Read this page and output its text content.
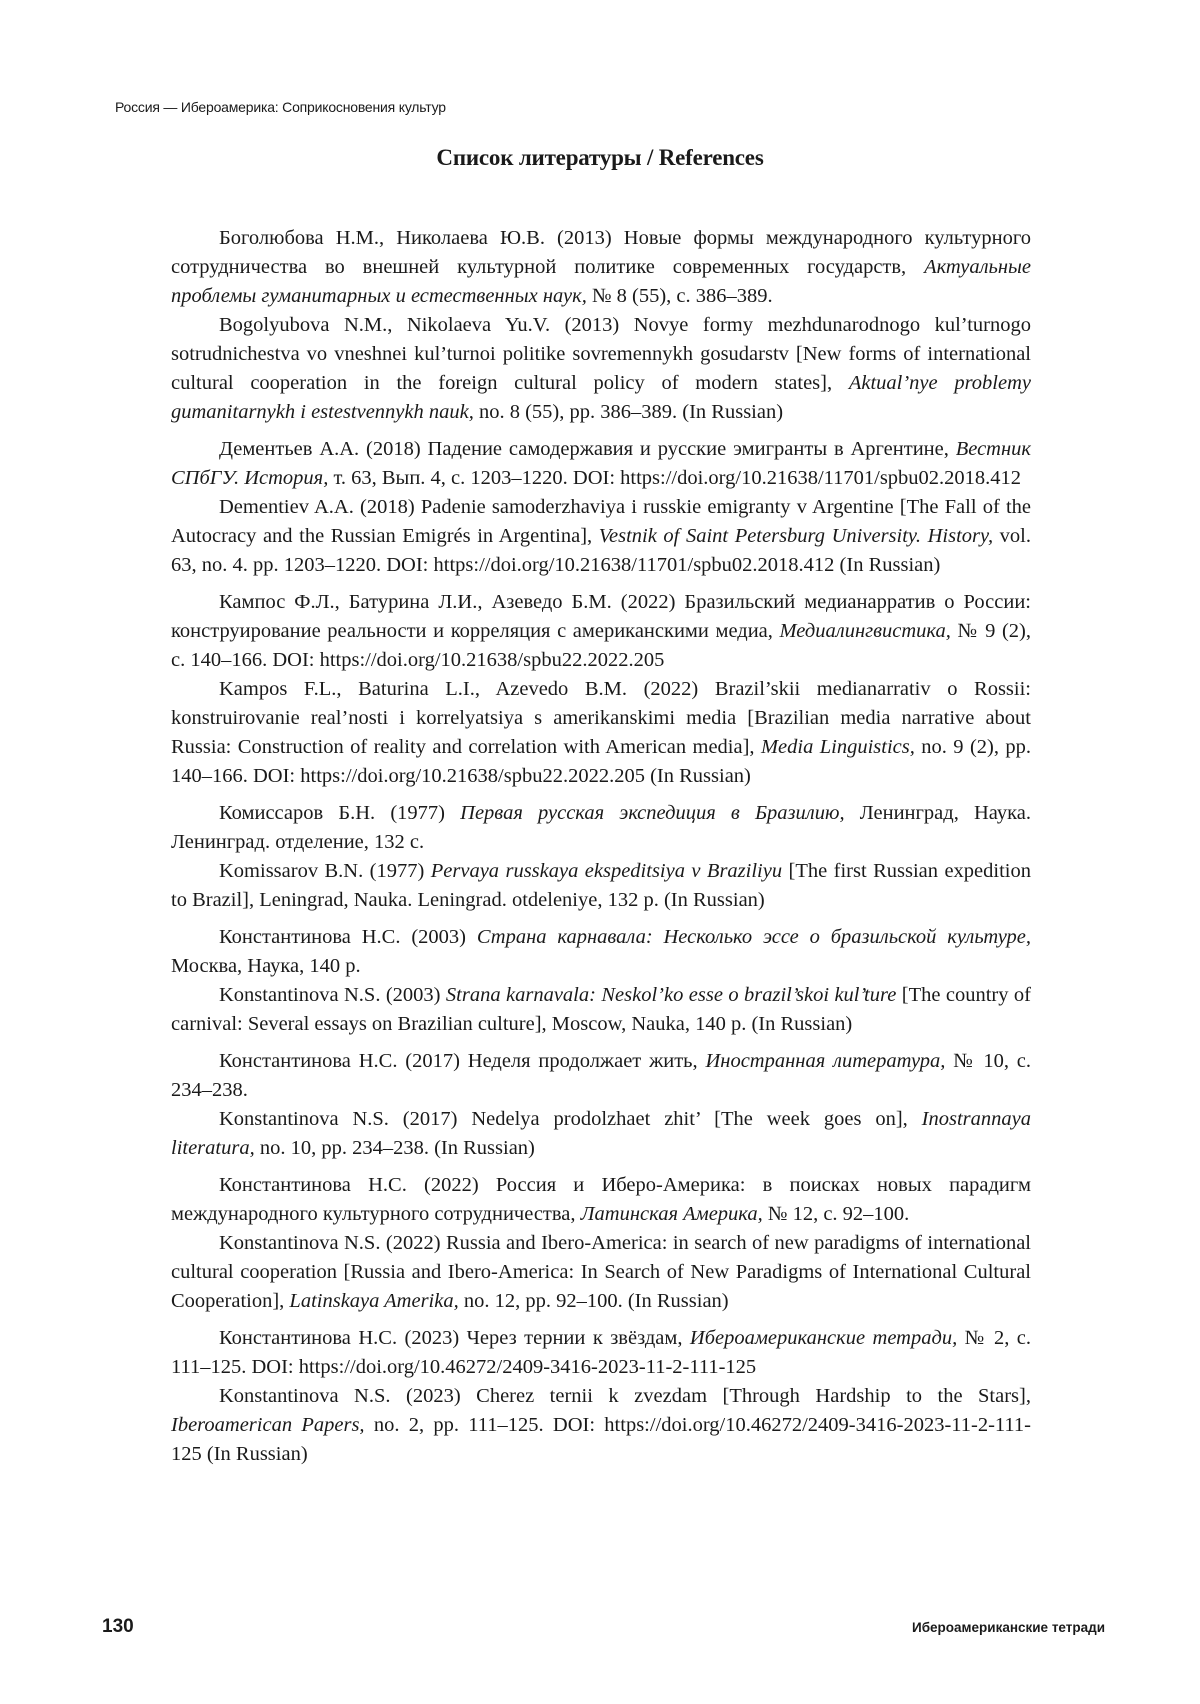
Россия — Ибероамерика: Соприкосновения культур
Список литературы / References

Боголюбова Н.М., Николаева Ю.В. (2013) Новые формы международного культурного сотрудничества во внешней культурной политике современных государств, Актуальные проблемы гуманитарных и естественных наук, № 8 (55), с. 386–389.

Bogolyubova N.M., Nikolaeva Yu.V. (2013) Novye formy mezhdunarodnogo kul’turnogo sotrudnichestva vo vneshnei kul’turnoi politike sovremennykh gosudarstv [New forms of international cultural cooperation in the foreign cultural policy of modern states], Aktual’nye problemy gumanitarnykh i estestvennykh nauk, no. 8 (55), pp. 386–389. (In Russian)

Дементьев А.А. (2018) Падение самодержавия и русские эмигранты в Аргентине, Вестник СПбГУ. История, т. 63, Вып. 4, с. 1203–1220. DOI: https://doi.org/10.21638/11701/spbu02.2018.412

Dementiev A.A. (2018) Padenie samoderzhaviya i russkie emigranty v Argentine [The Fall of the Autocracy and the Russian Emigrés in Argentina], Vestnik of Saint Petersburg University. History, vol. 63, no. 4. pp. 1203–1220. DOI: https://doi.org/10.21638/11701/spbu02.2018.412 (In Russian)

Кампос Ф.Л., Батурина Л.И., Азеведо Б.М. (2022) Бразильский медианарратив о России: конструирование реальности и корреляция с американскими медиа, Медиалингвистика, № 9 (2), с. 140–166. DOI: https://doi.org/10.21638/spbu22.2022.205

Kampos F.L., Baturina L.I., Azevedo B.M. (2022) Brazil’skii medianarrativ o Rossii: konstruirovanie real’nosti i korrelyatsiya s amerikanskimi media [Brazilian media narrative about Russia: Construction of reality and correlation with American media], Media Linguistics, no. 9 (2), pp. 140–166. DOI: https://doi.org/10.21638/spbu22.2022.205 (In Russian)

Комиссаров Б.Н. (1977) Первая русская экспедиция в Бразилию, Ленинград, Наука. Ленинград. отделение, 132 с.

Komissarov B.N. (1977) Pervaya russkaya ekspeditsiya v Braziliyu [The first Russian expedition to Brazil], Leningrad, Nauka. Leningrad. otdeleniye, 132 p. (In Russian)

Константинова Н.С. (2003) Страна карнавала: Несколько эссе о бразильской культуре, Москва, Наука, 140 р.

Konstantinova N.S. (2003) Strana karnavala: Neskol’ko esse o brazil’skoi kul’ture [The country of carnival: Several essays on Brazilian culture], Moscow, Nauka, 140 p. (In Russian)

Константинова Н.С. (2017) Неделя продолжает жить, Иностранная литература, № 10, с. 234–238.

Konstantinova N.S. (2017) Nedelya prodolzhaet zhit’ [The week goes on], Inostrannaya literatura, no. 10, pp. 234–238. (In Russian)

Константинова Н.С. (2022) Россия и Иберо-Америка: в поисках новых парадигм международного культурного сотрудничества, Латинская Америка, № 12, с. 92–100.

Konstantinova N.S. (2022) Russia and Ibero-America: in search of new paradigms of international cultural cooperation [Russia and Ibero-America: In Search of New Paradigms of International Cultural Cooperation], Latinskaya Amerika, no. 12, pp. 92–100. (In Russian)

Константинова Н.С. (2023) Через тернии к звёздам, Ибероамериканские тетради, № 2, с. 111–125. DOI: https://doi.org/10.46272/2409-3416-2023-11-2-111-125

Konstantinova N.S. (2023) Cherez ternii k zvezdam [Through Hardship to the Stars], Iberoamerican Papers, no. 2, pp. 111–125. DOI: https://doi.org/10.46272/2409-3416-2023-11-2-111-125 (In Russian)

130	Ибероамериканские тетради
